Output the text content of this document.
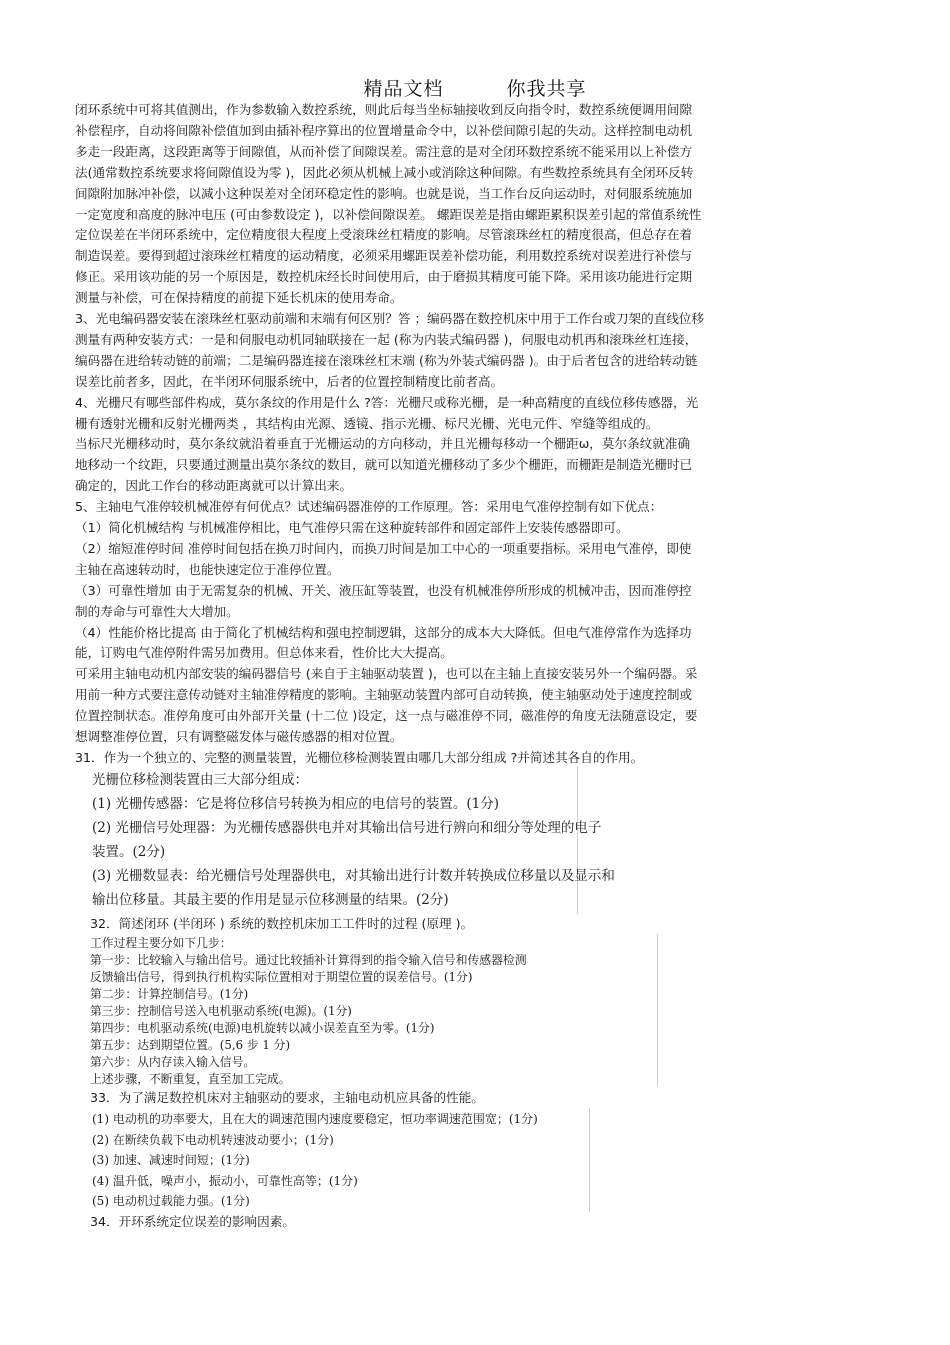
精品文档	你我共享
闭环系统中可将其值测出，作为参数输入数控系统，则此后每当坐标轴接收到反向指令时，数控系统便调用间隙
补偿程序，自动将间隙补偿值加到由插补程序算出的位置增量命令中，以补偿间隙引起的失动。这样控制电动机
多走一段距离，这段距离等于间隙值，从而补偿了间隙误差。需注意的是对全闭环数控系统不能采用以上补偿方
法(通常数控系统要求将间隙值设为零 )，因此必须从机械上减小或消除这种间隙。有些数控系统具有全闭环反转
间隙附加脉冲补偿，以减小这种误差对全闭环稳定性的影响。也就是说，当工作台反向运动时，对伺服系统施加
一定宽度和高度的脉冲电压 (可由参数设定 )，以补偿间隙误差。 螺距误差是指由螺距累积误差引起的常值系统性
定位误差在半闭环系统中，定位精度很大程度上受滚珠丝杠精度的影响。尽管滚珠丝杠的精度很高，但总存在着
制造误差。要得到超过滚珠丝杠精度的运动精度，必须采用螺距误差补偿功能，利用数控系统对误差进行补偿与
修正。采用该功能的另一个原因是，数控机床经长时间使用后，由于磨损其精度可能下降。采用该功能进行定期
测量与补偿，可在保持精度的前提下延长机床的使用寿命。
3、光电编码器安装在滚珠丝杠驱动前端和末端有何区别？答 ；编码器在数控机床中用于工作台或刀架的直线位移
测量有两种安装方式：一是和伺服电动机同轴联接在一起 (称为内装式编码器 )，伺服电动机再和滚珠丝杠连接，
编码器在进给转动链的前端；二是编码器连接在滚珠丝杠末端 (称为外装式编码器 )。由于后者包含的进给转动链
误差比前者多，因此，在半闭环伺服系统中，后者的位置控制精度比前者高。
4、光栅尺有哪些部件构成，莫尔条纹的作用是什么 ?答：光栅尺或称光栅，是一种高精度的直线位移传感器，光
栅有透射光栅和反射光栅两类 ，其结构由光源、透镜、指示光栅、标尺光栅、光电元件、窄缝等组成的。
当标尺光栅移动时，莫尔条纹就沿着垂直于光栅运动的方向移动，并且光栅每移动一个栅距ω，莫尔条纹就准确
地移动一个纹距，只要通过测量出莫尔条纹的数目，就可以知道光栅移动了多少个栅距，而栅距是制造光栅时已
确定的，因此工作台的移动距离就可以计算出来。
5、主轴电气准停较机械准停有何优点？试述编码器准停的工作原理。答：采用电气准停控制有如下优点：
（1）简化机械结构 与机械准停相比，电气准停只需在这种旋转部件和固定部件上安装传感器即可。
（2）缩短准停时间 准停时间包括在换刀时间内，而换刀时间是加工中心的一项重要指标。采用电气准停，即使
主轴在高速转动时，也能快速定位于准停位置。
（3）可靠性增加 由于无需复杂的机械、开关、液压缸等装置，也没有机械准停所形成的机械冲击，因而准停控
制的寿命与可靠性大大增加。
（4）性能价格比提高 由于简化了机械结构和强电控制逻辑，这部分的成本大大降低。但电气准停常作为选择功
能，订购电气准停附件需另加费用。但总体来看，性价比大大提高。
可采用主轴电动机内部安装的编码器信号 (来自于主轴驱动装置 )，也可以在主轴上直接安装另外一个编码器。采
用前一种方式要注意传动链对主轴准停精度的影响。主轴驱动装置内部可自动转换，使主轴驱动处于速度控制或
位置控制状态。准停角度可由外部开关量 (十二位 )设定，这一点与磁准停不同，磁准停的角度无法随意设定，要
想调整准停位置，只有调整磁发体与磁传感器的相对位置。
31．作为一个独立的、完整的测量装置，光栅位移检测装置由哪几大部分组成 ?并简述其各自的作用。
光栅位移检测装置由三大部分组成：
(1) 光栅传感器：它是将位移信号转换为相应的电信号的装置。(1分)
(2) 光栅信号处理器：为光栅传感器供电并对其输出信号进行辨向和细分等处理的电子
装置。(2分)
(3) 光栅数显表：给光栅信号处理器供电，对其输出进行计数并转换成位移量以及显示和
输出位移量。其最主要的作用是显示位移测量的结果。(2分)
32．简述闭环 (半闭环 ) 系统的数控机床加工工件时的过程 (原理 )。
工作过程主要分如下几步：
第一步：比较输入与输出信号。通过比较插补计算得到的指令输入信号和传感器检测
反馈输出信号，得到执行机构实际位置相对于期望位置的误差信号。(1分)
第二步：计算控制信号。(1分)
第三步：控制信号送入电机驱动系统(电源)。(1分)
第四步：电机驱动系统(电源)电机旋转以减小误差直至为零。(1分)
第五步：达到期望位置。(5,6 步 1 分)
第六步：从内存读入输入信号。
上述步骤，不断重复，直至加工完成。
33．为了满足数控机床对主轴驱动的要求，主轴电动机应具备的性能。
(1) 电动机的功率要大，且在大的调速范围内速度要稳定，恒功率调速范围宽；(1分)
(2) 在断续负载下电动机转速波动要小；(1分)
(3) 加速、减速时间短；(1分)
(4) 温升低，噪声小，振动小，可靠性高等；(1分)
(5) 电动机过载能力强。(1分)
34．开环系统定位误差的影响因素。
